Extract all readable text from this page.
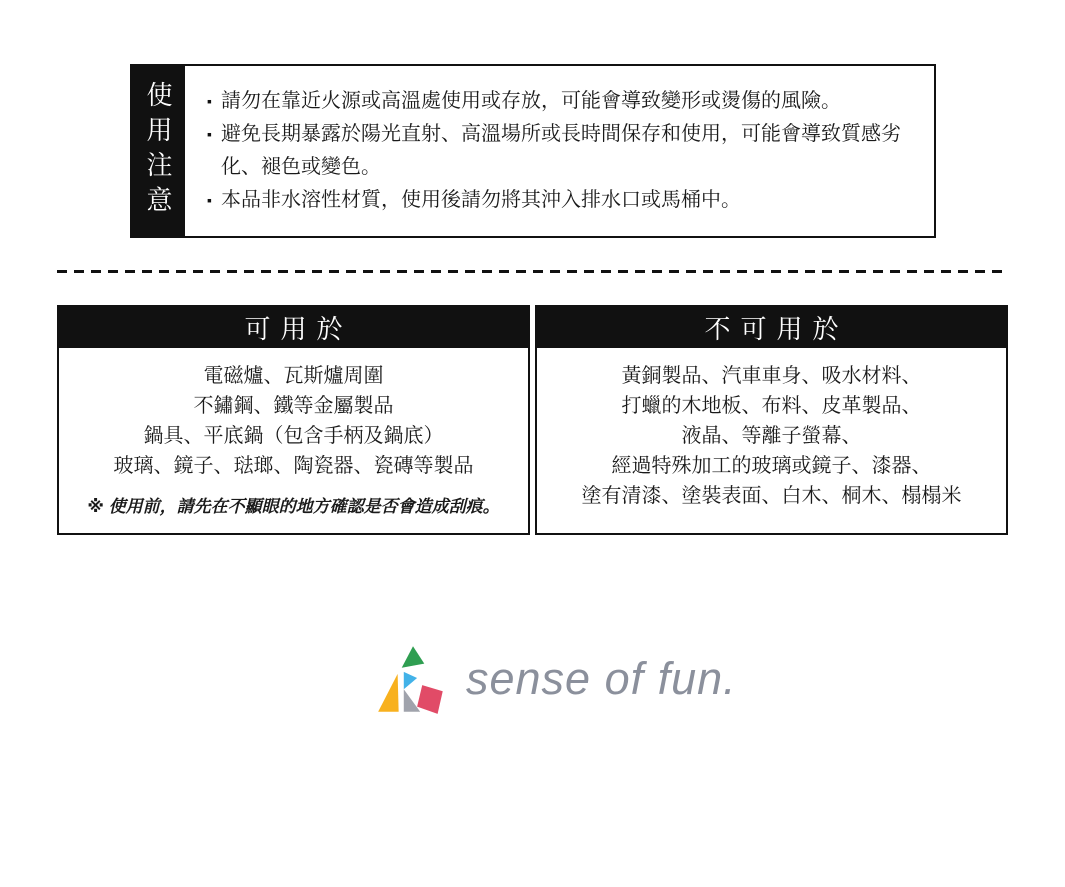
使用注意	▪ 請勿在靠近火源或高溫處使用或存放，可能會導致變形或燙傷的風險。
▪ 避免長期暴露於陽光直射、高溫場所或長時間保存和使用，可能會導致質感劣化、褪色或變色。
▪ 本品非水溶性材質，使用後請勿將其沖入排水口或馬桶中。
可用於
電磁爐、瓦斯爐周圍
不鏽鋼、鐵等金屬製品
鍋具、平底鍋（包含手柄及鍋底）
玻璃、鏡子、琺瑯、陶瓷器、瓷磚等製品
※ 使用前，請先在不顯眼的地方確認是否會造成刮痕。
不可用於
黃銅製品、汽車車身、吸水材料、
打蠟的木地板、布料、皮革製品、
液晶、等離子螢幕、
經過特殊加工的玻璃或鏡子、漆器、
塗有清漆、塗裝表面、白木、桐木、榻榻米
sense of fun.
